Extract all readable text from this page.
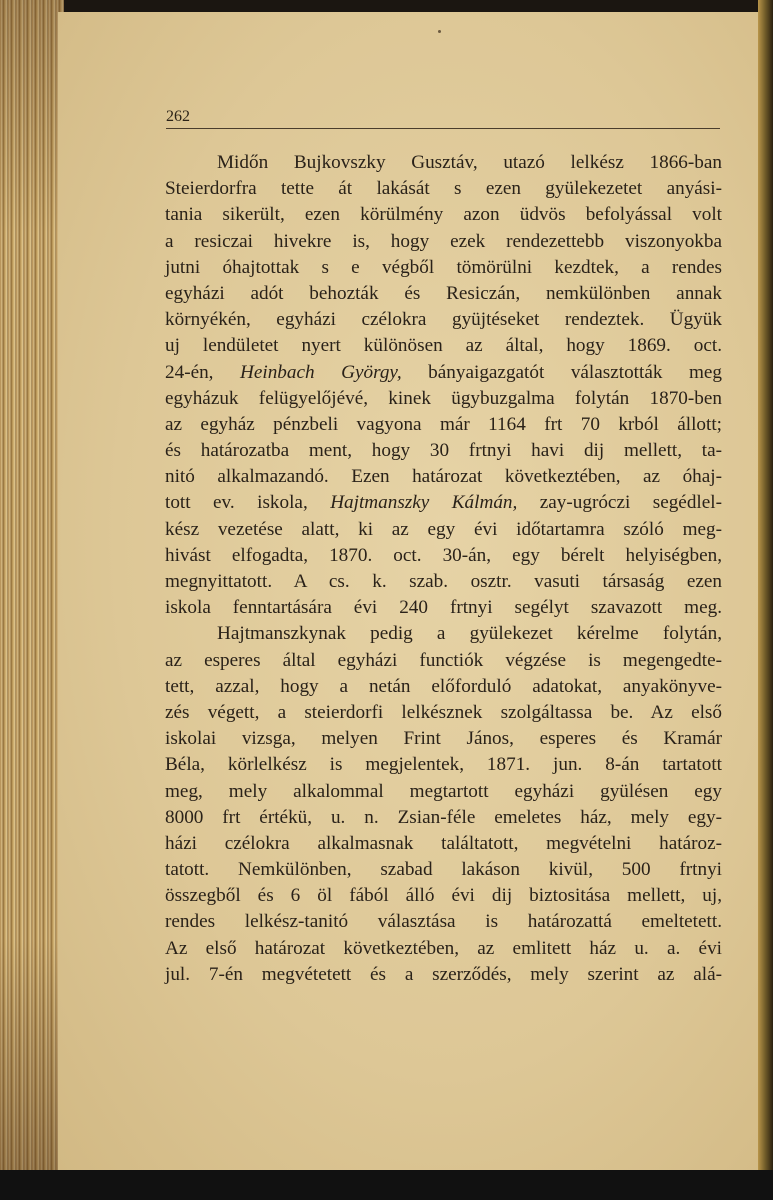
262
Midőn Bujkovszky Gusztáv, utazó lelkész 1866-ban
Steierdorfra tette át lakását s ezen gyülekezetet anyási-
tania sikerült, ezen körülmény azon üdvös befolyással volt
a resiczai hivekre is, hogy ezek rendezettebb viszonyokba
jutni óhajtottak s e végből tömörülni kezdtek, a rendes
egyházi adót behozták és Resiczán, nemkülönben annak
környékén, egyházi czélokra gyüjtéseket rendeztek. Ügyük
uj lendületet nyert különösen az által, hogy 1869. oct.
24-én, Heinbach György, bányaigazgatót választották meg
egyházuk felügyelőjévé, kinek ügybuzgalma folytán 1870-ben
az egyház pénzbeli vagyona már 1164 frt 70 krból állott;
és határozatba ment, hogy 30 frtnyi havi dij mellett, ta-
nitó alkalmazandó. Ezen határozat következtében, az óhaj-
tott ev. iskola, Hajtmanszky Kálmán, zay-ugróczi segédlel-
kész vezetése alatt, ki az egy évi időtartamra szóló meg-
hivást elfogadta, 1870. oct. 30-án, egy bérelt helyiségben,
megnyittatott. A cs. k. szab. osztr. vasuti társaság ezen
iskola fenntartására évi 240 frtnyi segélyt szavazott meg.
Hajtmanszkynak pedig a gyülekezet kérelme folytán,
az esperes által egyházi functiók végzése is megengedte-
tett, azzal, hogy a netán előforduló adatokat, anyakönyve-
zés végett, a steierdorfi lelkésznek szolgáltassa be. Az első
iskolai vizsga, melyen Frint János, esperes és Kramár
Béla, körlelkész is megjelentek, 1871. jun. 8-án tartatott
meg, mely alkalommal megtartott egyházi gyülésen egy
8000 frt értékü, u. n. Zsian-féle emeletes ház, mely egy-
házi czélokra alkalmasnak találtatott, megvételni határoz-
tatott. Nemkülönben, szabad lakáson kivül, 500 frtnyi
összegből és 6 öl fából álló évi dij biztositása mellett, uj,
rendes lelkész-tanitó választása is határozattá emeltetett.
Az első határozat következtében, az emlitett ház u. a. évi
jul. 7-én megvétetett és a szerződés, mely szerint az alá-
